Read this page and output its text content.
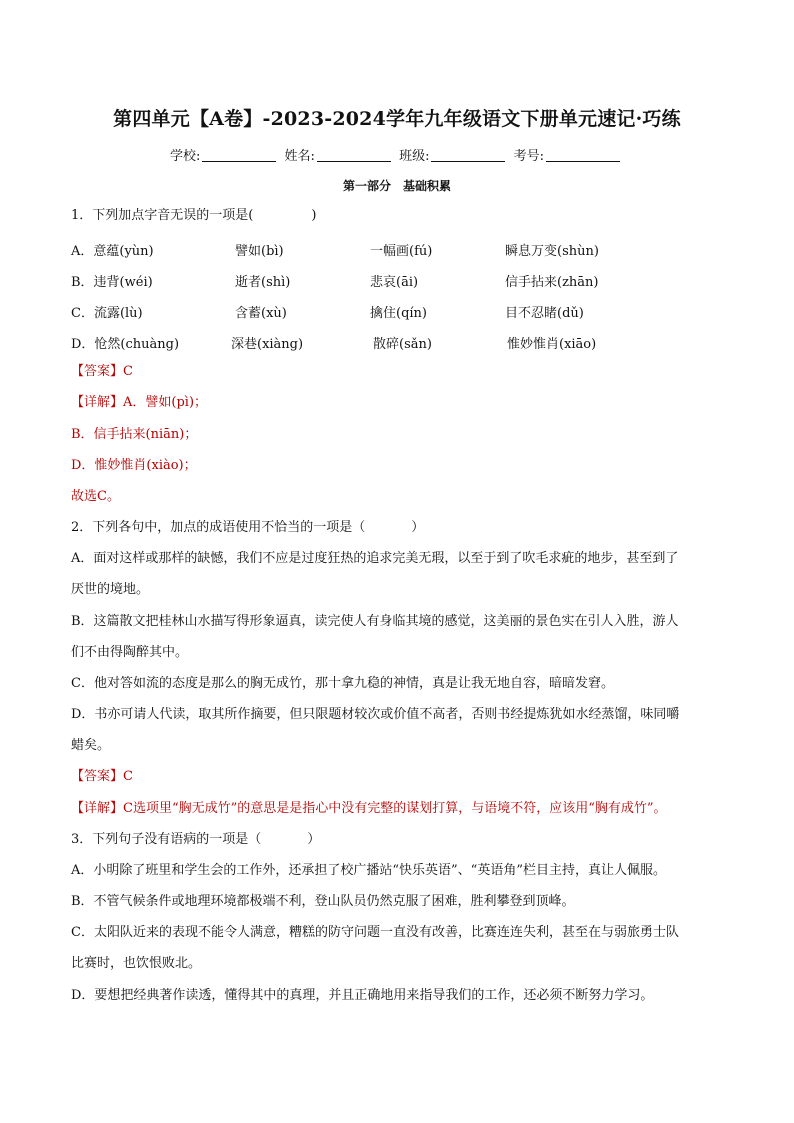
第四单元【A卷】-2023-2024学年九年级语文下册单元速记·巧练
学校:	姓名:	班级:	考号:
第一部分　基础积累
1．下列加点字音无误的一项是(	)
A．意蕴(yùn)	譬如(bì)	一幅画(fú)	瞬息万变(shùn)
B．违背(wéi)	逝者(shì)	悲哀(āi)	信手拈来(zhān)
C．流露(lù)	含蓄(xù)	擒住(qín)	目不忍睹(dǔ)
D．怆然(chuàng)	深巷(xiàng)	散碎(sǎn)	惟妙惟肖(xiāo)
【答案】C
【详解】A．譬如(pì)；
B．信手拈来(niān)；
D．惟妙惟肖(xiào)；
故选C。
2．下列各句中，加点的成语使用不恰当的一项是（	）
A．面对这样或那样的缺憾，我们不应是过度狂热的追求完美无瑕，以至于到了吹毛求疵的地步，甚至到了
厌世的境地。
B．这篇散文把桂林山水描写得形象逼真，读完使人有身临其境的感觉，这美丽的景色实在引人入胜，游人
们不由得陶醉其中。
C．他对答如流的态度是那么的胸无成竹，那十拿九稳的神情，真是让我无地自容，暗暗发窘。
D．书亦可请人代读，取其所作摘要，但只限题材较次或价值不高者，否则书经提炼犹如水经蒸馏，味同嚼
蜡矣。
【答案】C
【详解】C选项里“胸无成竹”的意思是是指心中没有完整的谋划打算，与语境不符，应该用“胸有成竹”。
3．下列句子没有语病的一项是（	）
A．小明除了班里和学生会的工作外，还承担了校广播站“快乐英语”、“英语角”栏目主持，真让人佩服。
B．不管气候条件或地理环境都极端不利，登山队员仍然克服了困难，胜利攀登到顶峰。
C．太阳队近来的表现不能令人满意，糟糕的防守问题一直没有改善，比赛连连失利，甚至在与弱旅勇士队
比赛时，也饮恨败北。
D．要想把经典著作读透，懂得其中的真理，并且正确地用来指导我们的工作，还必须不断努力学习。
